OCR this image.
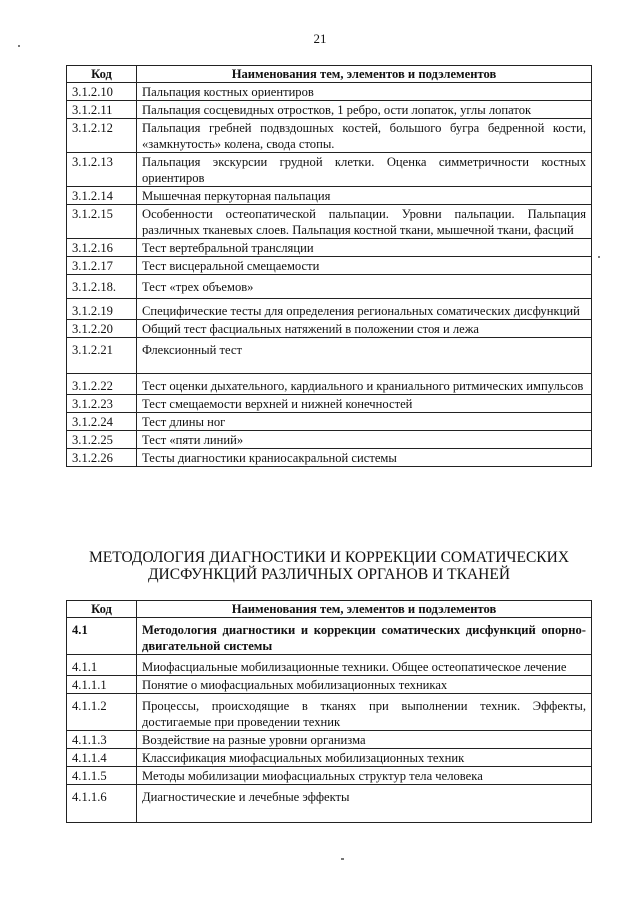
21
Код	Наименования тем, элементов и подэлементов
3.1.2.10	Пальпация костных ориентиров
3.1.2.11	Пальпация сосцевидных отростков, 1 ребро, ости лопаток, углы лопаток
3.1.2.12	Пальпация гребней подвздошных костей, большого бугра бедренной кости, «замкнутость» колена, свода стопы.
3.1.2.13	Пальпация экскурсии грудной клетки. Оценка симметричности костных ориентиров
3.1.2.14	Мышечная перкуторная пальпация
3.1.2.15	Особенности остеопатической пальпации. Уровни пальпации. Пальпация различных тканевых слоев. Пальпация костной ткани, мышечной ткани, фасций
3.1.2.16	Тест вертебральной трансляции
3.1.2.17	Тест висцеральной смещаемости
3.1.2.18.	Тест «трех объемов»
3.1.2.19	Специфические тесты для определения региональных соматических дисфункций
3.1.2.20	Общий тест фасциальных натяжений в положении стоя и лежа
3.1.2.21	Флексионный тест
3.1.2.22	Тест оценки дыхательного, кардиального и краниального ритмических импульсов
3.1.2.23	Тест смещаемости верхней и нижней конечностей
3.1.2.24	Тест длины ног
3.1.2.25	Тест «пяти линий»
3.1.2.26	Тесты диагностики краниосакральной системы
МЕТОДОЛОГИЯ ДИАГНОСТИКИ И КОРРЕКЦИИ СОМАТИЧЕСКИХ
ДИСФУНКЦИЙ РАЗЛИЧНЫХ ОРГАНОВ И ТКАНЕЙ
Код	Наименования тем, элементов и подэлементов
4.1	Методология диагностики и коррекции соматических дисфункций опорно-двигательной системы
4.1.1	Миофасциальные мобилизационные техники. Общее остеопатическое лечение
4.1.1.1	Понятие о миофасциальных мобилизационных техниках
4.1.1.2	Процессы, происходящие в тканях при выполнении техник. Эффекты, достигаемые при проведении техник
4.1.1.3	Воздействие на разные уровни организма
4.1.1.4	Классификация миофасциальных мобилизационных техник
4.1.1.5	Методы мобилизации миофасциальных структур тела человека
4.1.1.6	Диагностические и лечебные эффекты
